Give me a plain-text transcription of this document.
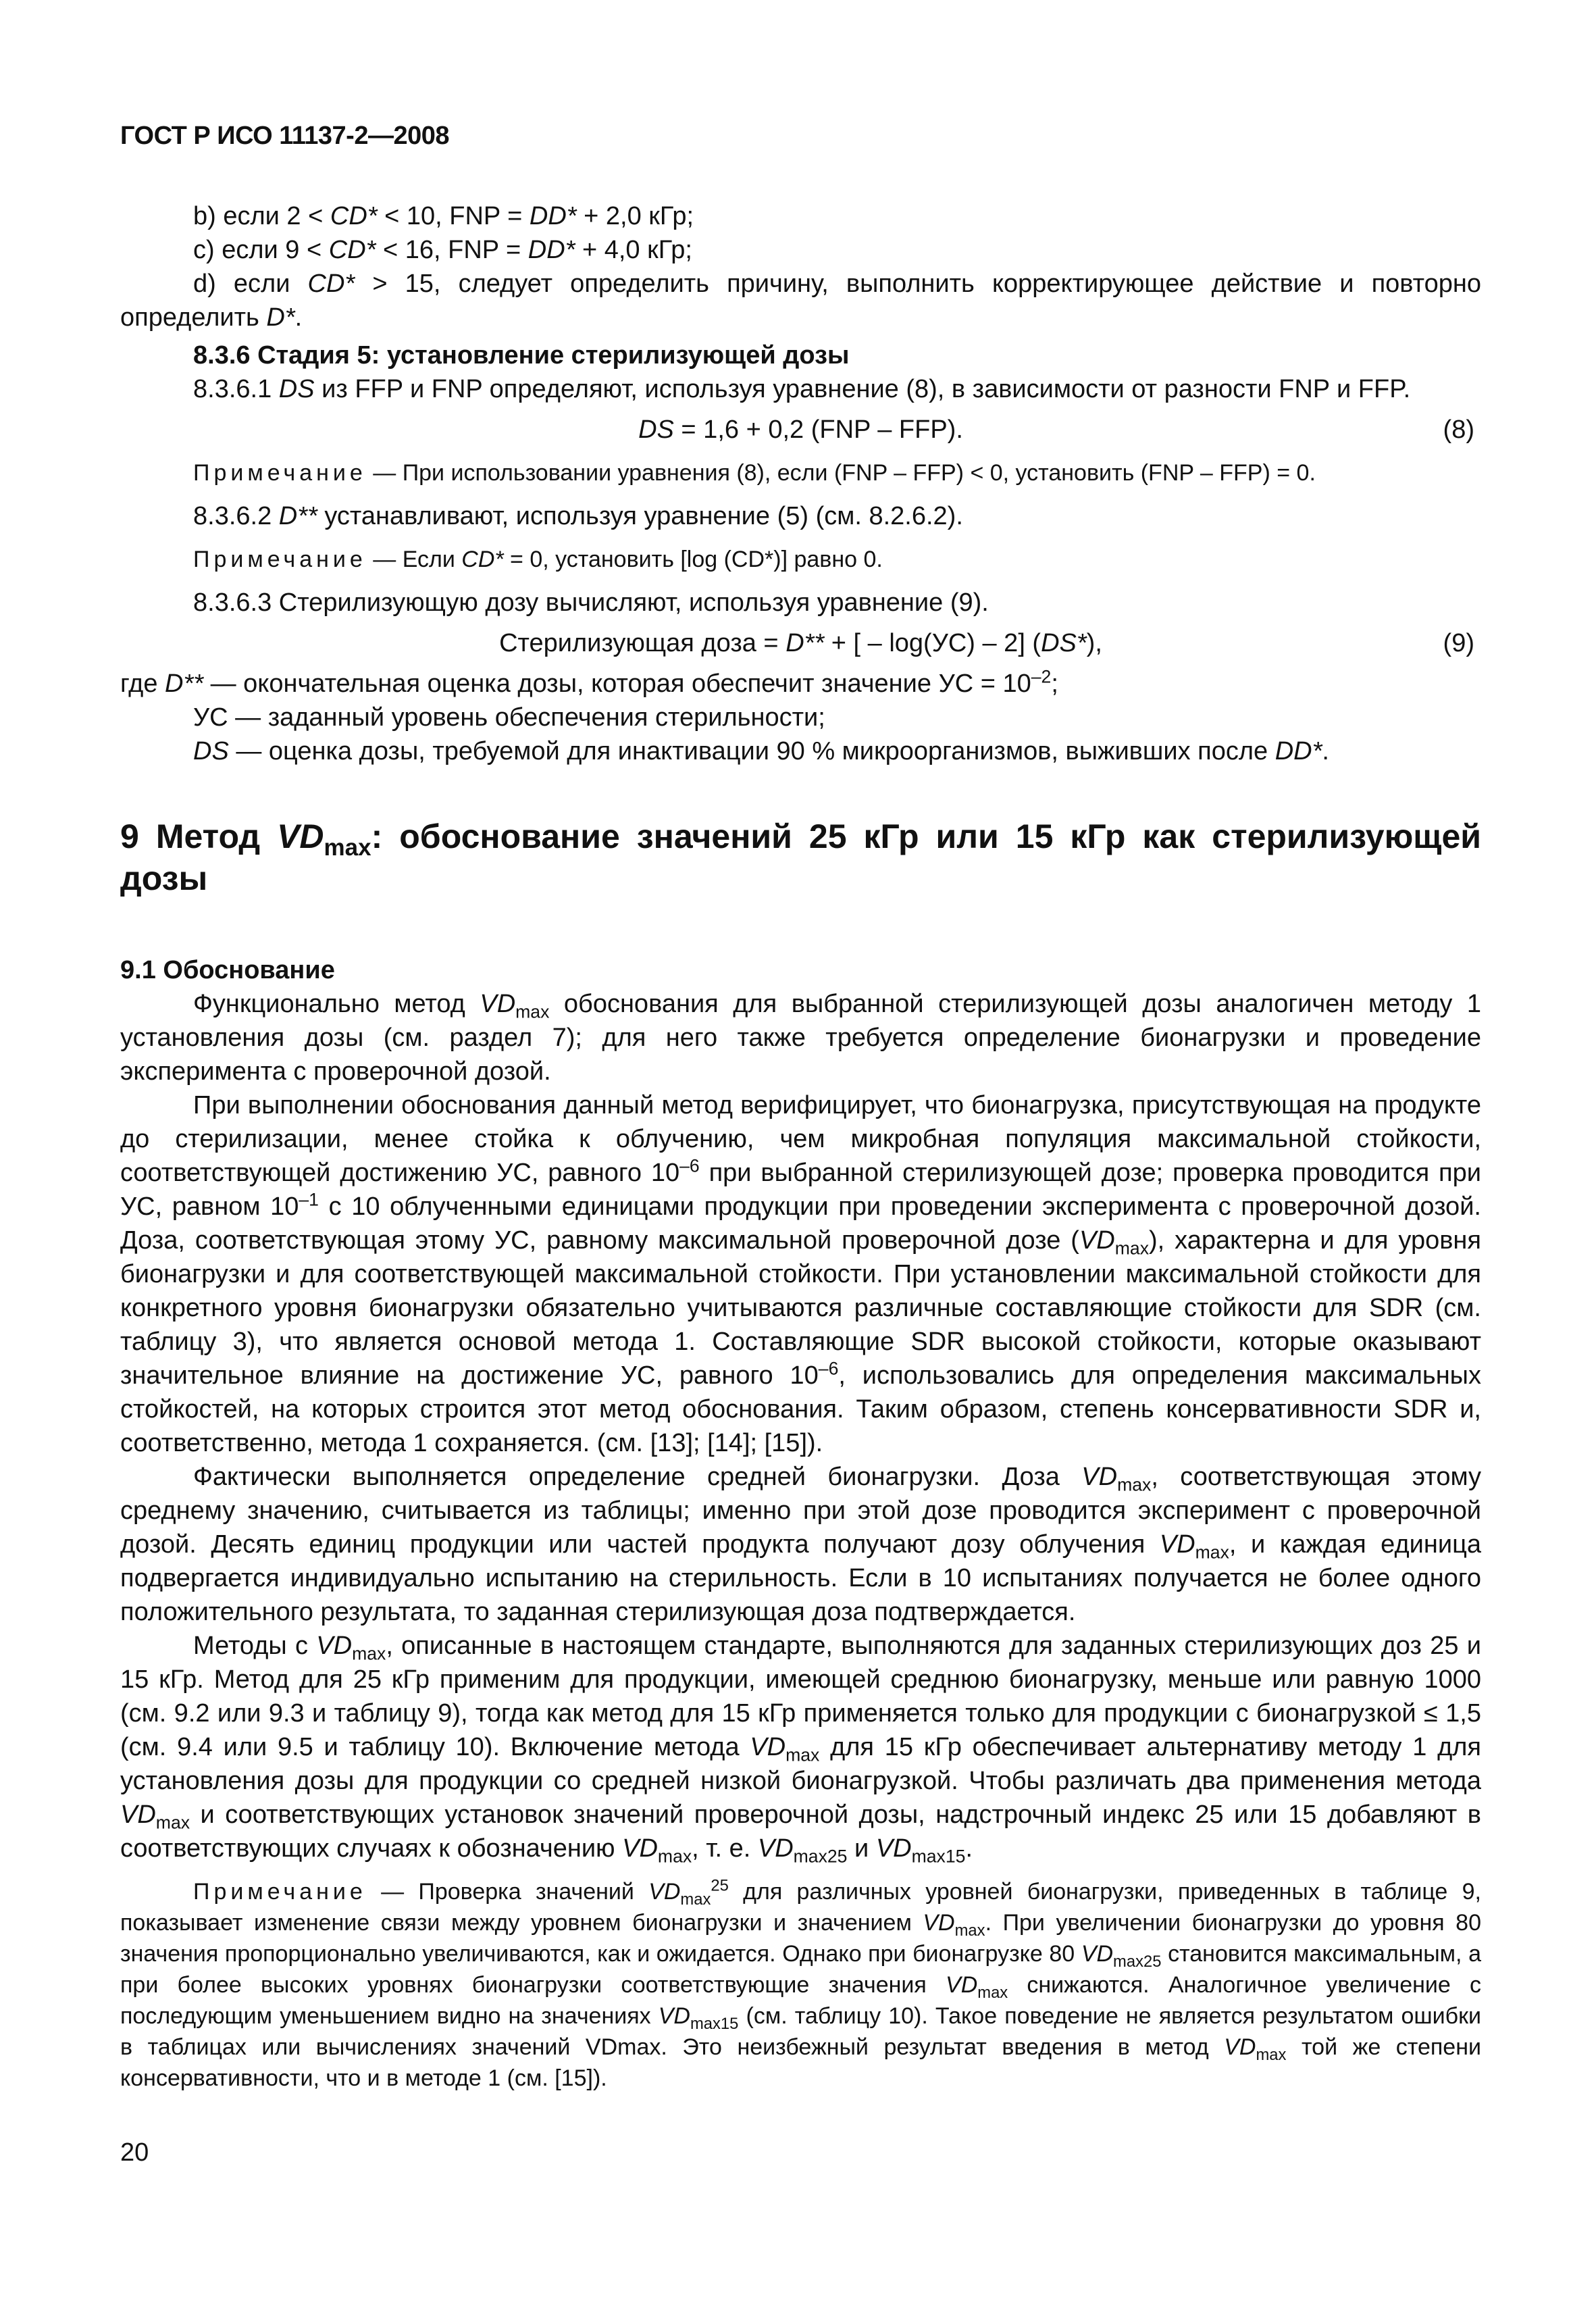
ГОСТ Р ИСО 11137-2—2008

b) если 2 < CD* < 10, FNP = DD* + 2,0 кГр;

c) если 9 < CD* < 16, FNP = DD* + 4,0 кГр;

d) если CD* > 15, следует определить причину, выполнить корректирующее действие и повторно определить D*.

8.3.6 Стадия 5: установление стерилизующей дозы

8.3.6.1 DS из FFP и FNP определяют, используя уравнение (8), в зависимости от разности FNP и FFP.

DS = 1,6 + 0,2 (FNP – FFP).	(8)

Примечание — При использовании уравнения (8), если (FNP – FFP) < 0, установить (FNP – FFP) = 0.

8.3.6.2 D** устанавливают, используя уравнение (5) (см. 8.2.6.2).

Примечание — Если CD* = 0, установить [log (CD*)] равно 0.

8.3.6.3 Стерилизующую дозу вычисляют, используя уравнение (9).

Стерилизующая доза = D** + [ – log(УС) – 2] (DS*),	(9)

где D** — окончательная оценка дозы, которая обеспечит значение УС = $10^{-2}$;

УС — заданный уровень обеспечения стерильности;

DS — оценка дозы, требуемой для инактивации 90 % микроорганизмов, выживших после DD*.

9 Метод $VD_{max}$: обоснование значений 25 кГр или 15 кГр как стерилизующей дозы
9.1 Обоснование

Функционально метод $VD_{max}$ обоснования для выбранной стерилизующей дозы аналогичен методу 1 установления дозы (см. раздел 7); для него также требуется определение бионагрузки и проведение эксперимента с проверочной дозой.

При выполнении обоснования данный метод верифицирует, что бионагрузка, присутствующая на продукте до стерилизации, менее стойка к облучению, чем микробная популяция максимальной стойкости, соответствующей достижению УС, равного $10^{-6}$ при выбранной стерилизующей дозе; проверка проводится при УС, равном $10^{-1}$ с 10 облученными единицами продукции при проведении эксперимента с проверочной дозой. Доза, соответствующая этому УС, равному максимальной проверочной дозе $(VD_{max})$, характерна и для уровня бионагрузки и для соответствующей максимальной стойкости. При установлении максимальной стойкости для конкретного уровня бионагрузки обязательно учитываются различные составляющие стойкости для SDR (см. таблицу 3), что является основой метода 1. Составляющие SDR высокой стойкости, которые оказывают значительное влияние на достижение УС, равного $10^{-6}$, использовались для определения максимальных стойкостей, на которых строится этот метод обоснования. Таким образом, степень консервативности SDR и, соответственно, метода 1 сохраняется. (см. [13]; [14]; [15]).

Фактически выполняется определение средней бионагрузки. Доза $VD_{max}$, соответствующая этому среднему значению, считывается из таблицы; именно при этой дозе проводится эксперимент с проверочной дозой. Десять единиц продукции или частей продукта получают дозу облучения $VD_{max}$, и каждая единица подвергается индивидуально испытанию на стерильность. Если в 10 испытаниях получается не более одного положительного результата, то заданная стерилизующая доза подтверждается.

Методы с $VD_{max}$, описанные в настоящем стандарте, выполняются для заданных стерилизующих доз 25 и 15 кГр. Метод для 25 кГр применим для продукции, имеющей среднюю бионагрузку, меньше или равную 1000 (см. 9.2 или 9.3 и таблицу 9), тогда как метод для 15 кГр применяется только для продукции с бионагрузкой ≤ 1,5 (см. 9.4 или 9.5 и таблицу 10). Включение метода $VD_{max}$ для 15 кГр обеспечивает альтернативу методу 1 для установления дозы для продукции со средней низкой бионагрузкой. Чтобы различать два применения метода $VD_{max}$ и соответствующих установок значений проверочной дозы, надстрочный индекс 25 или 15 добавляют в соответствующих случаях к обозначению $VD_{max}$, т. е. $VD_{max25}$ и $VD_{max15}$.

Примечание — Проверка значений $VD_{max}^{25}$ для различных уровней бионагрузки, приведенных в таблице 9, показывает изменение связи между уровнем бионагрузки и значением $VD_{max}$. При увеличении бионагрузки до уровня 80 значения пропорционально увеличиваются, как и ожидается. Однако при бионагрузке 80 $VD_{max25}$ становится максимальным, а при более высоких уровнях бионагрузки соответствующие значения $VD_{max}$ снижаются. Аналогичное увеличение с последующим уменьшением видно на значениях $VD_{max15}$ (см. таблицу 10). Такое поведение не является результатом ошибки в таблицах или вычислениях значений VDmax. Это неизбежный результат введения в метод $VD_{max}$ той же степени консервативности, что и в методе 1 (см. [15]).

20
